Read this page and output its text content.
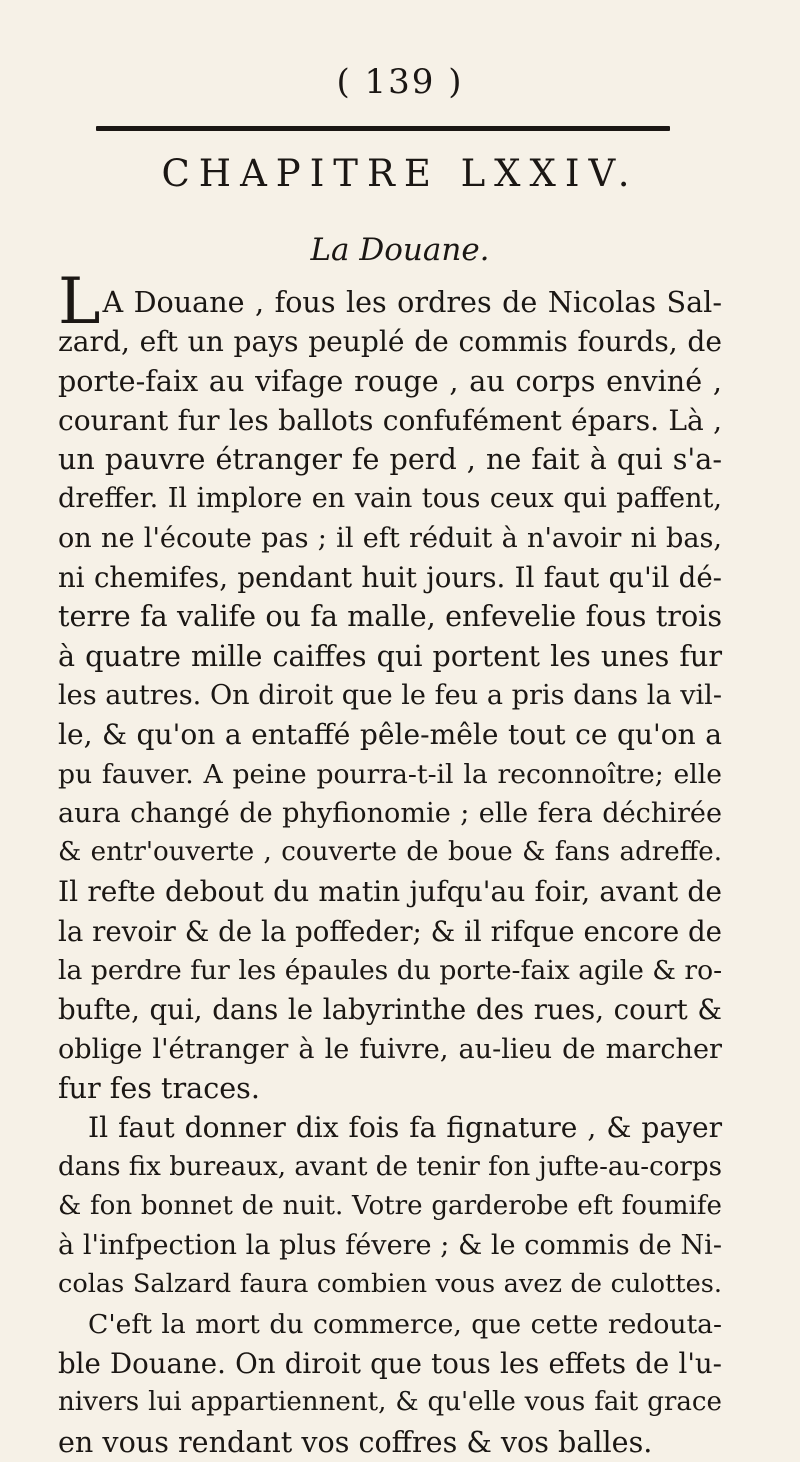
( 139 )
CHAPITRE LXXIV.
La Douane.
LA Douane , fous les ordres de Nicolas Sal-
zard, eft un pays peuplé de commis fourds, de
porte-faix au vifage rouge , au corps enviné ,
courant fur les ballots confufément épars. Là ,
un pauvre étranger fe perd , ne fait à qui s'a-
dreffer. Il implore en vain tous ceux qui paffent,
on ne l'écoute pas ; il eft réduit à n'avoir ni bas,
ni chemifes, pendant huit jours. Il faut qu'il dé-
terre fa valife ou fa malle, enfevelie fous trois
à quatre mille caiffes qui portent les unes fur
les autres. On diroit que le feu a pris dans la vil-
le, & qu'on a entaffé pêle-mêle tout ce qu'on a
pu fauver. A peine pourra-t-il la reconnoître; elle
aura changé de phyfionomie ; elle fera déchirée
& entr'ouverte , couverte de boue & fans adreffe.
Il refte debout du matin jufqu'au foir, avant de
la revoir & de la poffeder; & il rifque encore de
la perdre fur les épaules du porte-faix agile & ro-
bufte, qui, dans le labyrinthe des rues, court &
oblige l'étranger à le fuivre, au-lieu de marcher
fur fes traces.
Il faut donner dix fois fa fignature , & payer
dans fix bureaux, avant de tenir fon jufte-au-corps
& fon bonnet de nuit. Votre garderobe eft foumife
à l'infpection la plus févere ; & le commis de Ni-
colas Salzard faura combien vous avez de culottes.
C'eft la mort du commerce, que cette redouta-
ble Douane. On diroit que tous les effets de l'u-
nivers lui appartiennent, & qu'elle vous fait grace
en vous rendant vos coffres & vos balles.
